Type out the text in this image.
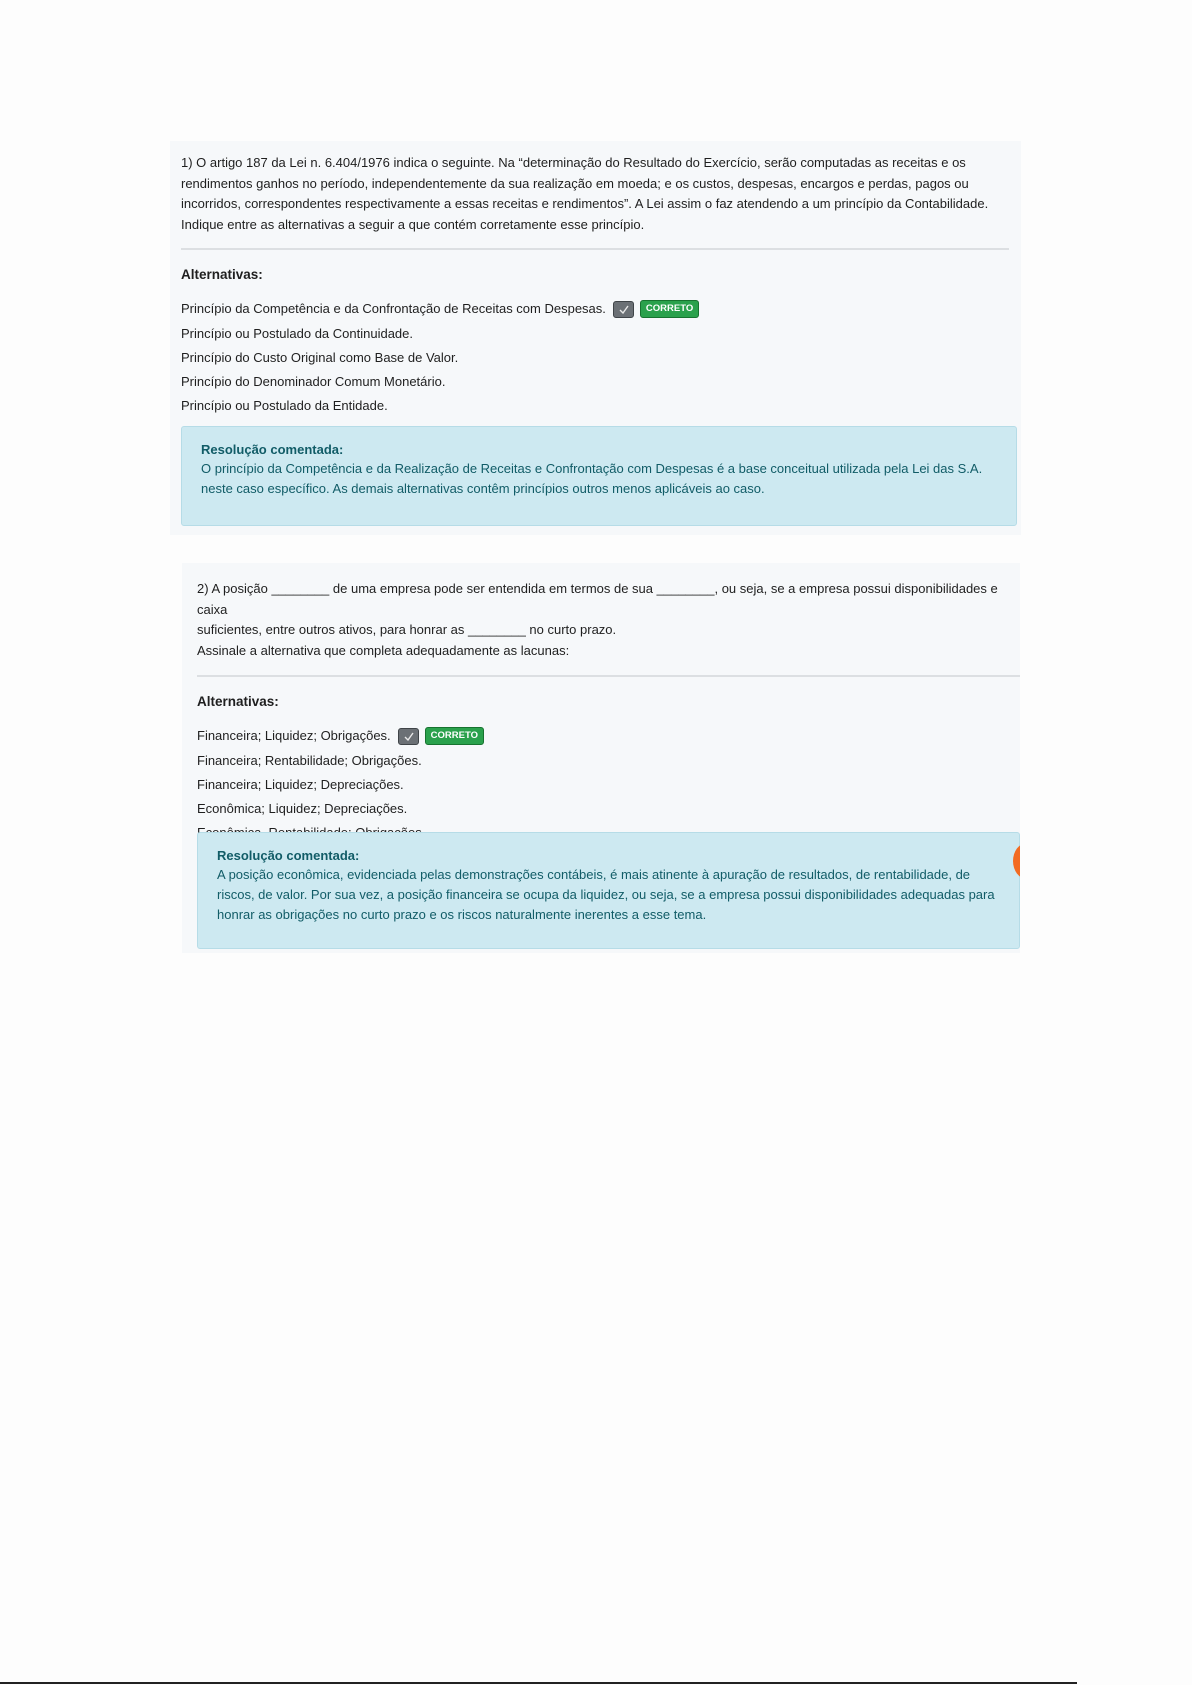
1) O artigo 187 da Lei n. 6.404/1976 indica o seguinte. Na “determinação do Resultado do Exercício, serão computadas as receitas e os rendimentos ganhos no período, independentemente da sua realização em moeda; e os custos, despesas, encargos e perdas, pagos ou incorridos, correspondentes respectivamente a essas receitas e rendimentos”. A Lei assim o faz atendendo a um princípio da Contabilidade. Indique entre as alternativas a seguir a que contém corretamente esse princípio.

Alternativas:

Princípio da Competência e da Confrontação de Receitas com Despesas.	CORRETO
Princípio ou Postulado da Continuidade.
Princípio do Custo Original como Base de Valor.
Princípio do Denominador Comum Monetário.
Princípio ou Postulado da Entidade.

Resolução comentada:

O princípio da Competência e da Realização de Receitas e Confrontação com Despesas é a base conceitual utilizada pela Lei das S.A. neste caso específico. As demais alternativas contêm princípios outros menos aplicáveis ao caso.

2) A posição ________ de uma empresa pode ser entendida em termos de sua ________, ou seja, se a empresa possui disponibilidades e caixa
suficientes, entre outros ativos, para honrar as ________ no curto prazo.
Assinale a alternativa que completa adequadamente as lacunas:

Alternativas:

Financeira; Liquidez; Obrigações.	CORRETO
Financeira; Rentabilidade; Obrigações.
Financeira; Liquidez; Depreciações.
Econômica; Liquidez; Depreciações.

Resolução comentada:

A posição econômica, evidenciada pelas demonstrações contábeis, é mais atinente à apuração de resultados, de rentabilidade, de riscos, de valor. Por sua vez, a posição financeira se ocupa da liquidez, ou seja, se a empresa possui disponibilidades adequadas para honrar as obrigações no curto prazo e os riscos naturalmente inerentes a esse tema.
